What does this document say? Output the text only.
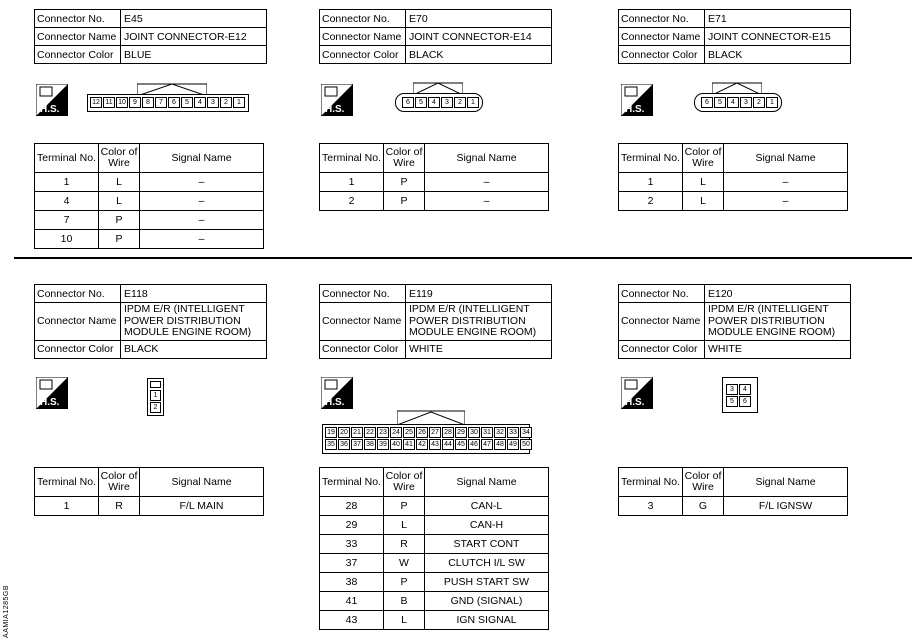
Connector No.	E45
Connector Name	JOINT CONNECTOR-E12
Connector Color	BLUE
H.S.
12 11 10	9	8	7	6	5	4	3	2	1
Terminal No.	Color of Wire	Signal Name
1	L	–
4	L	–
7	P	–
10	P	–
Connector No.	E70
Connector Name	JOINT CONNECTOR-E14
Connector Color	BLACK
H.S.
6	5	4	3	2	1
Terminal No.	Color of Wire	Signal Name
1	P	–
2	P	–
Connector No.	E71
Connector Name	JOINT CONNECTOR-E15
Connector Color	BLACK
H.S.
6	5	4	3	2	1
Terminal No.	Color of Wire	Signal Name
1	L	–
2	L	–
Connector No.	E118
Connector Name	IPDM E/R (INTELLIGENT POWER DISTRIBUTION MODULE ENGINE ROOM)
Connector Color	BLACK
H.S.
1
2
Terminal No.	Color of Wire	Signal Name
1	R	F/L MAIN
Connector No.	E119
Connector Name	IPDM E/R (INTELLIGENT POWER DISTRIBUTION MODULE ENGINE ROOM)
Connector Color	WHITE
H.S.
19 20 21 22 23 24 25 26 27 28 29 30 31 32 33 34
35 36 37 38 39 40 41 42 43 44 45 46 47 48 49 50
Terminal No.	Color of Wire	Signal Name
28	P	CAN-L
29	L	CAN-H
33	R	START CONT
37	W	CLUTCH I/L SW
38	P	PUSH START SW
41	B	GND (SIGNAL)
43	L	IGN SIGNAL
Connector No.	E120
Connector Name	IPDM E/R (INTELLIGENT POWER DISTRIBUTION MODULE ENGINE ROOM)
Connector Color	WHITE
H.S.
3	4
5	6
Terminal No.	Color of Wire	Signal Name
3	G	F/L IGNSW
AAMIA1285GB
